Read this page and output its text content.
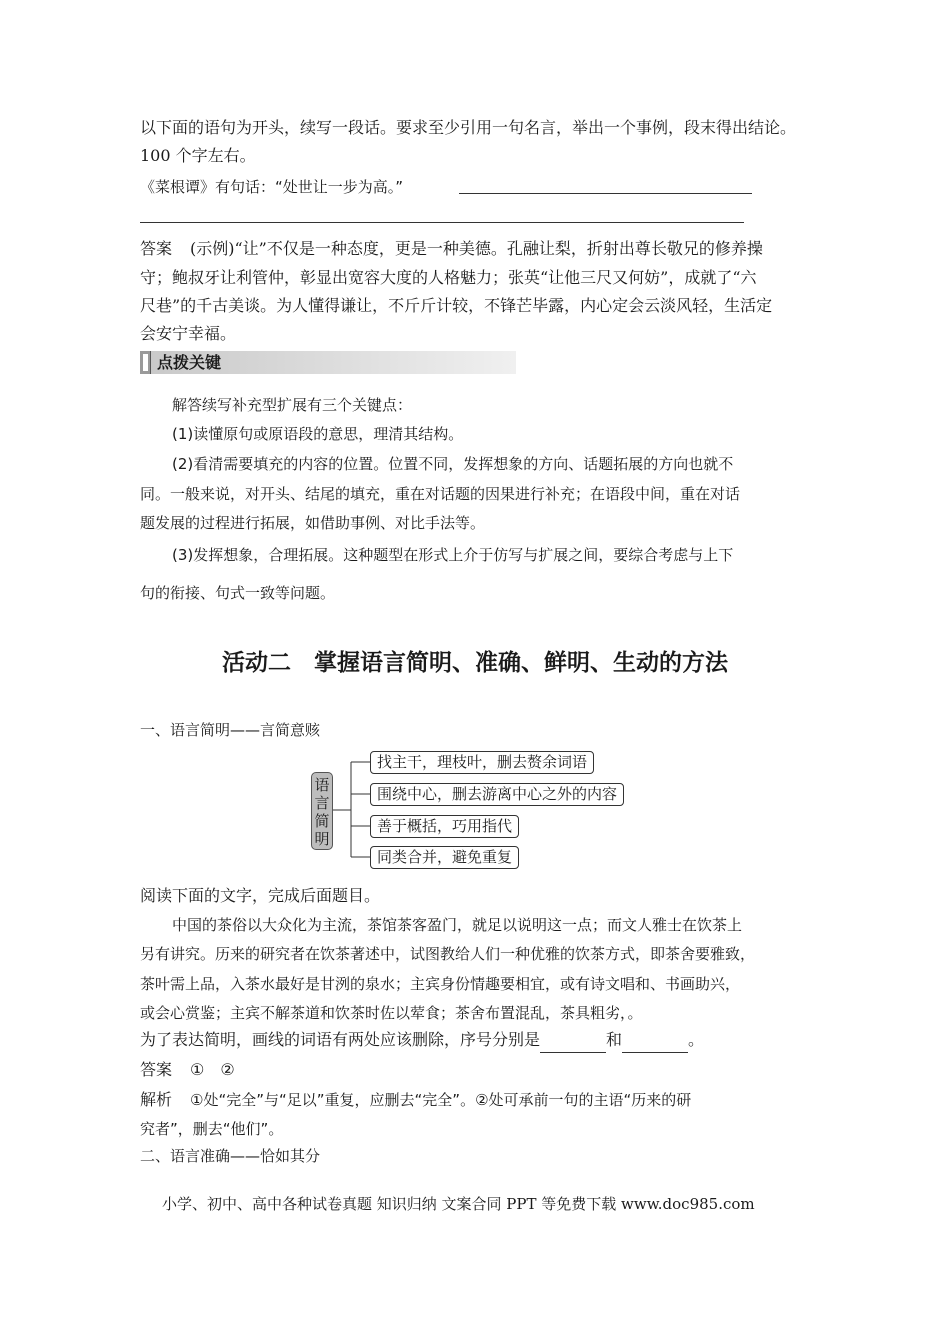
以下面的语句为开头，续写一段话。要求至少引用一句名言，举出一个事例，段末得出结论。
100 个字左右。
《菜根谭》有句话：“处世让一步为高。”
答案 (示例)“让”不仅是一种态度，更是一种美德。孔融让梨，折射出尊长敬兄的修养操
守；鲍叔牙让利管仲，彰显出宽容大度的人格魅力；张英“让他三尺又何妨”，成就了“六
尺巷”的千古美谈。为人懂得谦让，不斤斤计较，不锋芒毕露，内心定会云淡风轻，生活定
会安宁幸福。
点拨关键
解答续写补充型扩展有三个关键点：
(1)读懂原句或原语段的意思，理清其结构。
(2)看清需要填充的内容的位置。位置不同，发挥想象的方向、话题拓展的方向也就不
同。一般来说，对开头、结尾的填充，重在对话题的因果进行补充；在语段中间，重在对话
题发展的过程进行拓展，如借助事例、对比手法等。
(3)发挥想象，合理拓展。这种题型在形式上介于仿写与扩展之间，要综合考虑与上下
句的衔接、句式一致等问题。
活动二　掌握语言简明、准确、鲜明、生动的方法
一、语言简明——言简意赅
语
言
简
明
找主干，理枝叶，删去赘余词语
围绕中心，删去游离中心之外的内容
善于概括，巧用指代
同类合并，避免重复
阅读下面的文字，完成后面题目。
中国的茶俗以大众化为主流，茶馆茶客盈门，就足以说明这一点；而文人雅士在饮茶上
另有讲究。历来的研究者在饮茶著述中，试图教给人们一种优雅的饮茶方式，即茶舍要雅致，
茶叶需上品，入茶水最好是甘洌的泉水；主宾身份情趣要相宜，或有诗文唱和、书画助兴，
或会心赏鉴；主宾不解茶道和饮茶时佐以荤食；茶舍布置混乱，茶具粗劣，。
为了表达简明，画线的词语有两处应该删除，序号分别是	和	。
答案 ①　②
解析 ①处“完全”与“足以”重复，应删去“完全”。②处可承前一句的主语“历来的研
究者”，删去“他们”。
二、语言准确——恰如其分
小学、初中、高中各种试卷真题 知识归纳 文案合同 PPT 等免费下载 www.doc985.com
